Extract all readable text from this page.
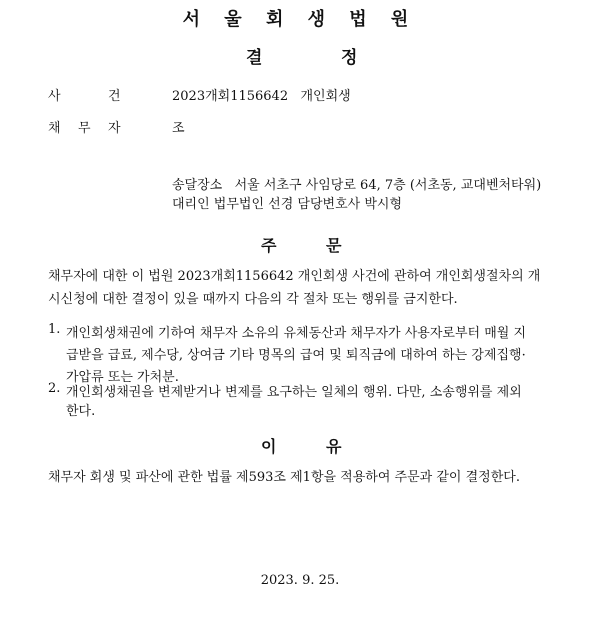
서 울 회 생 법 원
결	정
사	건	2023개회1156642   개인회생
채 무 자	조
송달장소   서울 서초구 사임당로 64, 7층 (서초동, 교대벤처타워)
대리인 법무법인 선경 담당변호사 박시형
주	문
채무자에 대한 이 법원 2023개회1156642 개인회생 사건에 관하여 개인회생절차의 개
시신청에 대한 결정이 있을 때까지 다음의 각 절차 또는 행위를 금지한다.
1. 개인회생채권에 기하여 채무자 소유의 유체동산과 채무자가 사용자로부터 매월 지
급받을 급료, 제수당, 상여금 기타 명목의 급여 및 퇴직금에 대하여 하는 강제집행·
가압류 또는 가처분.
2. 개인회생채권을 변제받거나 변제를 요구하는 일체의 행위. 다만, 소송행위를 제외
한다.
이	유
채무자 회생 및 파산에 관한 법률 제593조 제1항을 적용하여 주문과 같이 결정한다.
2023. 9. 25.
